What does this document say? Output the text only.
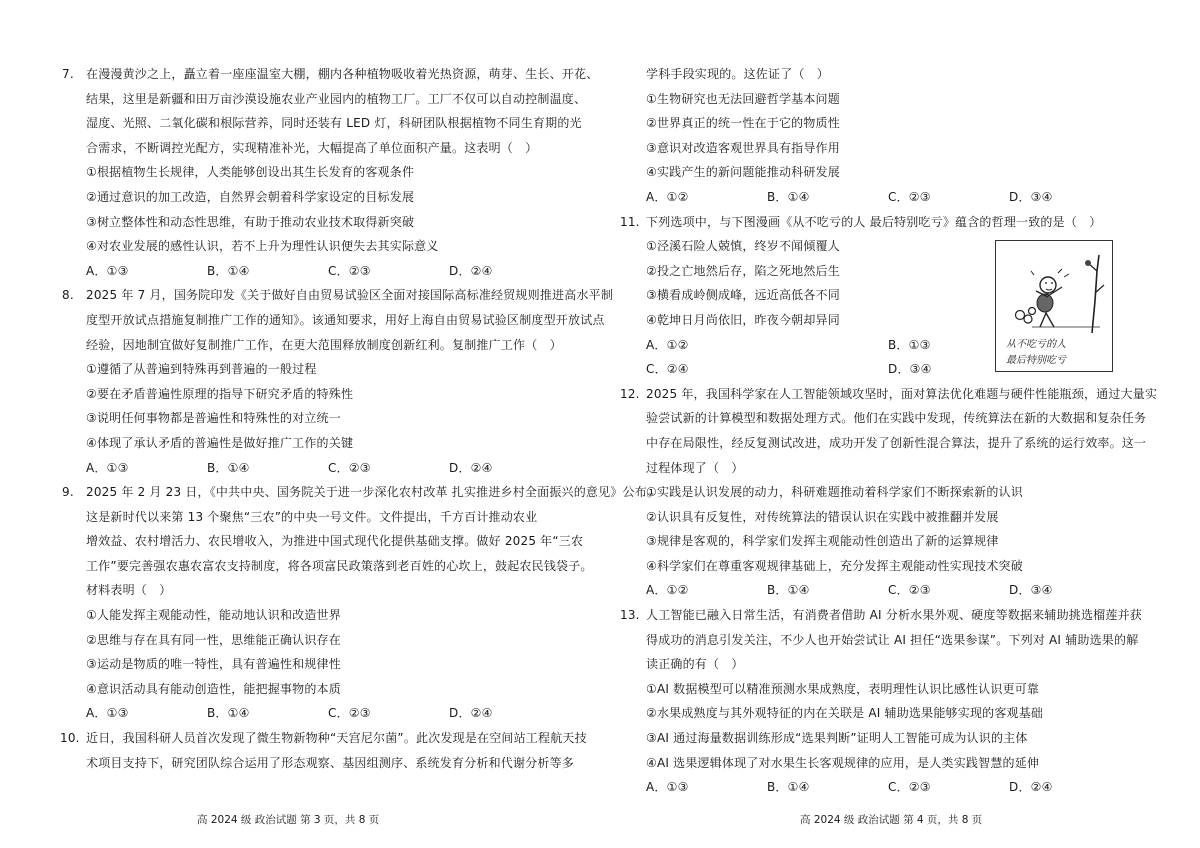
7. 在漫漫黄沙之上，矗立着一座座温室大棚，棚内各种植物吸收着光热资源，萌芽、生长、开花、
结果，这里是新疆和田万亩沙漠设施农业产业园内的植物工厂。工厂不仅可以自动控制温度、
湿度、光照、二氧化碳和根际营养，同时还装有 LED 灯，科研团队根据植物不同生育期的光
合需求，不断调控光配方，实现精准补光，大幅提高了单位面积产量。这表明（　）
①根据植物生长规律，人类能够创设出其生长发育的客观条件
②通过意识的加工改造，自然界会朝着科学家设定的目标发展
③树立整体性和动态性思维，有助于推动农业技术取得新突破
④对农业发展的感性认识，若不上升为理性认识便失去其实际意义
A．①③	B．①④	C．②③	D．②④
8. 2025 年 7 月，国务院印发《关于做好自由贸易试验区全面对接国际高标准经贸规则推进高水平制
度型开放试点措施复制推广工作的通知》。该通知要求，用好上海自由贸易试验区制度型开放试点
经验，因地制宜做好复制推广工作，在更大范围释放制度创新红利。复制推广工作（　）
①遵循了从普遍到特殊再到普遍的一般过程
②要在矛盾普遍性原理的指导下研究矛盾的特殊性
③说明任何事物都是普遍性和特殊性的对立统一
④体现了承认矛盾的普遍性是做好推广工作的关键
A．①③	B．①④	C．②③	D．②④
9. 2025 年 2 月 23 日，《中共中央、国务院关于进一步深化农村改革 扎实推进乡村全面振兴的意见》公布。
这是新时代以来第 13 个聚焦“三农”的中央一号文件。文件提出，千方百计推动农业
增效益、农村增活力、农民增收入，为推进中国式现代化提供基础支撑。做好 2025 年“三农
工作”要完善强农惠农富农支持制度，将各项富民政策落到老百姓的心坎上，鼓起农民钱袋子。
材料表明（　）
①人能发挥主观能动性，能动地认识和改造世界
②思维与存在具有同一性，思维能正确认识存在
③运动是物质的唯一特性，具有普遍性和规律性
④意识活动具有能动创造性，能把握事物的本质
A．①③	B．①④	C．②③	D．②④
10. 近日，我国科研人员首次发现了微生物新物种“天宫尼尔菌”。此次发现是在空间站工程航天技
术项目支持下，研究团队综合运用了形态观察、基因组测序、系统发育分析和代谢分析等多
高 2024 级 政治试题 第 3 页，共 8 页
学科手段实现的。这佐证了（　）
①生物研究也无法回避哲学基本问题
②世界真正的统一性在于它的物质性
③意识对改造客观世界具有指导作用
④实践产生的新问题能推动科研发展
A．①②	B．①④	C．②③	D．③④
11. 下列选项中，与下图漫画《从不吃亏的人 最后特别吃亏》蕴含的哲理一致的是（　）
①泾溪石险人兢慎，终岁不闻倾覆人
②投之亡地然后存，陷之死地然后生
③横看成岭侧成峰，远近高低各不同
④乾坤日月尚依旧，昨夜今朝却异同
A．①②	B．①③
C．②④	D．③④
12. 2025 年，我国科学家在人工智能领域攻坚时，面对算法优化难题与硬件性能瓶颈，通过大量实
验尝试新的计算模型和数据处理方式。他们在实践中发现，传统算法在新的大数据和复杂任务
中存在局限性，经反复测试改进，成功开发了创新性混合算法，提升了系统的运行效率。这一
过程体现了（　）
①实践是认识发展的动力，科研难题推动着科学家们不断探索新的认识
②认识具有反复性，对传统算法的错误认识在实践中被推翻并发展
③规律是客观的，科学家们发挥主观能动性创造出了新的运算规律
④科学家们在尊重客观规律基础上，充分发挥主观能动性实现技术突破
A．①②	B．①④	C．②③	D．③④
13. 人工智能已融入日常生活，有消费者借助 AI 分析水果外观、硬度等数据来辅助挑选榴莲并获
得成功的消息引发关注，不少人也开始尝试让 AI 担任“选果参谋”。下列对 AI 辅助选果的解
读正确的有（　）
①AI 数据模型可以精准预测水果成熟度，表明理性认识比感性认识更可靠
②水果成熟度与其外观特征的内在关联是 AI 辅助选果能够实现的客观基础
③AI 通过海量数据训练形成“选果判断”证明人工智能可成为认识的主体
④AI 选果逻辑体现了对水果生长客观规律的应用，是人类实践智慧的延伸
A．①③	B．①④	C．②③	D．②④
从不吃亏的人
最后特别吃亏
高 2024 级 政治试题 第 4 页，共 8 页
